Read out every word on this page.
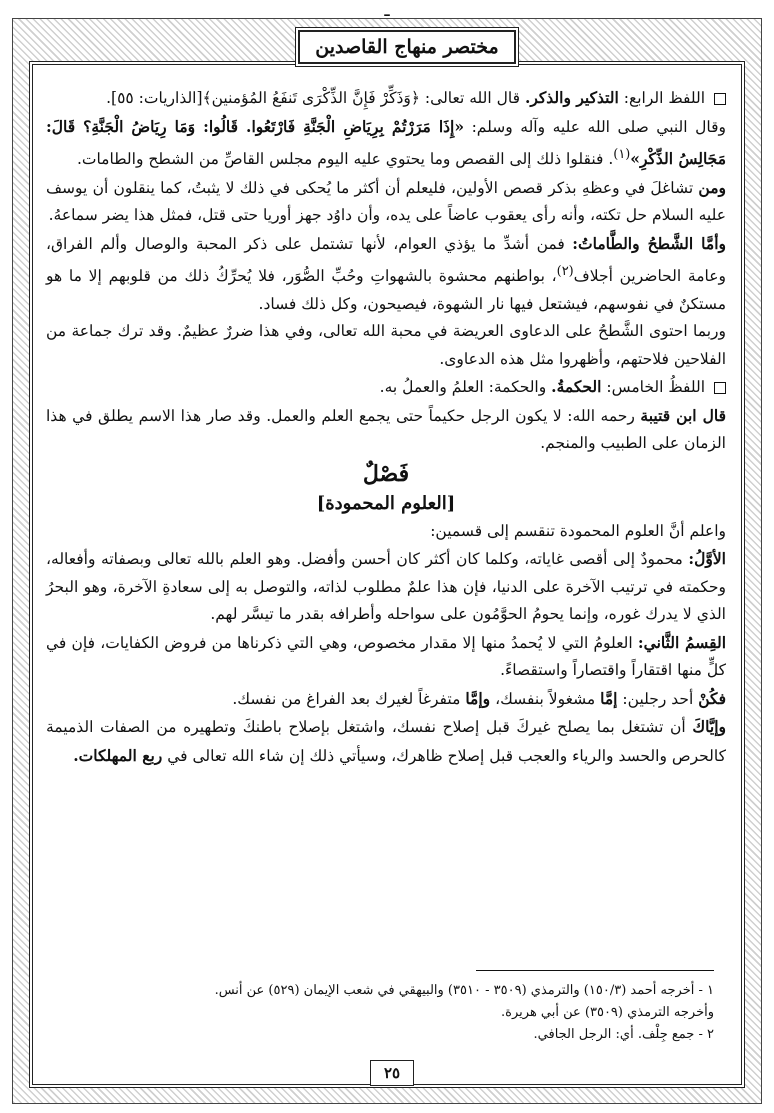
ـ
مختصر منهاج القاصدين

اللفظ الرابع: التذكير والذكر. قال الله تعالى: ﴿وَذَكِّرْ فَإِنَّ الذِّكْرَى تَنفَعُ المُؤمنين﴾[الذاريات: ٥٥].

وقال النبي صلى الله عليه وآله وسلم: «إِذَا مَرَرْتُمْ بِرِيَاضِ الْجَنَّةِ فَارْتَعُوا. قَالُوا: وَمَا رِيَاضُ الْجَنَّةِ؟ قَالَ: مَجَالِسُ الذِّكْرِ»$^{(١)}$. فنقلوا ذلك إلى القصص وما يحتوي عليه اليوم مجلس القاصِّ من الشطح والطامات.

ومن تشاغلَ في وعظهِ بذكر قصص الأولين، فليعلم أن أكثر ما يُحكى في ذلك لا يثبتُ، كما ينقلون أن يوسف عليه السلام حل تكته، وأنه رأى يعقوب عاضاً على يده، وأن داوُد جهز أوريا حتى قتل، فمثل هذا يضر سماعهُ.

وأمَّا الشَّطحُ والطَّاماتُ: فمن أشدِّ ما يؤذي العوام، لأنها تشتمل على ذكر المحبة والوصال وألم الفراق، وعامة الحاضرين أجلاف$^{(٢)}$، بواطنهم محشوة بالشهواتِ وحُبِّ الصُّوَر، فلا يُحرِّكُ ذلك من قلوبهم إلا ما هو مستكنٌ في نفوسهم، فيشتعل فيها نار الشهوة، فيصيحون، وكل ذلك فساد.

وربما احتوى الشَّطحُ على الدعاوى العريضة في محبة الله تعالى، وفي هذا ضررٌ عظيمٌ. وقد ترك جماعة من الفلاحين فلاحتهم، وأظهروا مثل هذه الدعاوى.

اللفظُ الخامس: الحكمةُ. والحكمة: العلمُ والعملُ به.

قال ابن قتيبة رحمه الله: لا يكون الرجل حكيماً حتى يجمع العلم والعمل. وقد صار هذا الاسم يطلق في هذا الزمان على الطبيب والمنجم.

فَصْلٌ

[العلوم المحمودة]

واعلم أنَّ العلوم المحمودة تنقسم إلى قسمين:

الأوَّلُ: محمودٌ إلى أقصى غاياته، وكلما كان أكثر كان أحسن وأفضل. وهو العلم بالله تعالى وبصفاته وأفعاله، وحكمته في ترتيب الآخرة على الدنيا، فإن هذا علمٌ مطلوب لذاته، والتوصل به إلى سعادةِ الآخرة، وهو البحرُ الذي لا يدرك غوره، وإنما يحومُ الحوَّمُون على سواحله وأطرافه بقدر ما تيسَّر لهم.

القِسمُ الثَّاني: العلومُ التي لا يُحمدُ منها إلا مقدار مخصوص، وهي التي ذكرناها من فروض الكفايات، فإن في كلٍّ منها اقتقاراً واقتصاراً واستقصاءً.

فكُنْ أحد رجلين: إمَّا مشغولاً بنفسك، وإمَّا متفرغاً لغيرك بعد الفراغ من نفسك.

وإيَّاكَ أن تشتغل بما يصلح غيركَ قبل إصلاح نفسك، واشتغل بإصلاح باطنكَ وتطهيره من الصفات الذميمة كالحرص والحسد والرياء والعجب قبل إصلاح ظاهرك، وسيأتي ذلك إن شاء الله تعالى في ربع المهلكات.

١ - أخرجه أحمد (١٥٠/٣) والترمذي (٣٥٠٩ - ٣٥١٠) والبيهقي في شعب الإيمان (٥٢٩) عن أنس.

وأخرجه الترمذي (٣٥٠٩) عن أبي هريرة.

٢ - جمع جِلْف. أي: الرجل الجافي.

٢٥
